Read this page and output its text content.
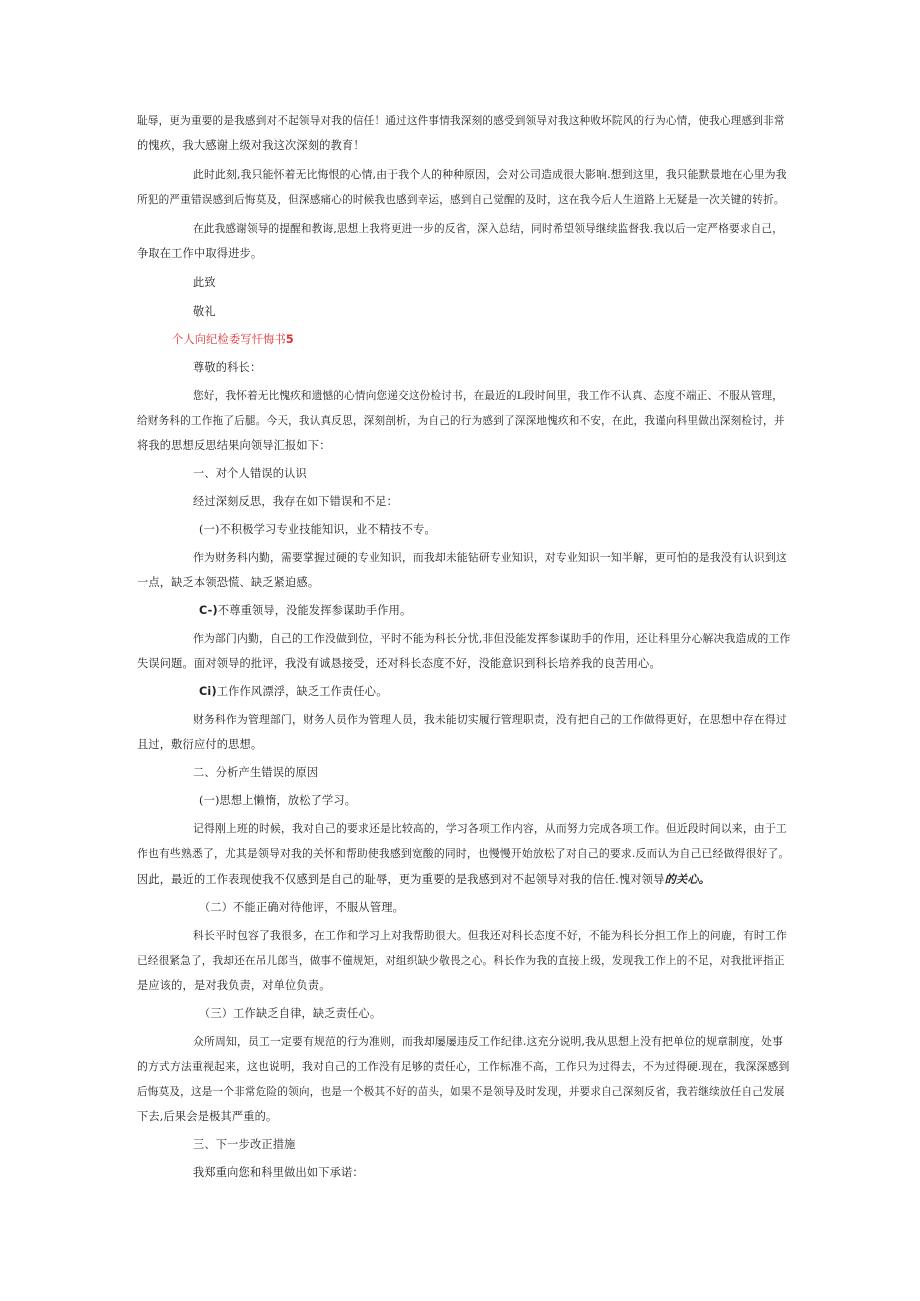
耻辱，更为重要的是我感到对不起领导对我的信任！通过这件事情我深刻的感受到领导对我这种败坏院风的行为心情，使我心理感到非常

的愧疚，我大感谢上级对我这次深刻的教育！

此时此刻,我只能怀着无比悔恨的心情,由于我个人的种种原因，会对公司造成很大影响.想到这里，我只能默景地在心里为我

所犯的严重错误感到后悔莫及，但深感痛心的时候我也感到幸运，感到自己觉醒的及时，这在我今后人生道路上无疑是一次关键的转折。

在此我感谢领导的提醒和教诲,思想上我将更进一步的反省，深入总结，同时希望领导继续监督我.我以后一定严格要求自己，

争取在工作中取得进步。

此致

敬礼

个人向纪检委写忏悔书5

尊敬的科长：

您好，我怀着无比愧疚和遗憾的心情向您递交这份检讨书，在最近的L段时间里，我工作不认真、态度不端正、不服从管理，

给财务科的工作拖了后腿。今天，我认真反思，深刻剖析，为自己的行为感到了深深地愧疚和不安，在此，我谨向科里做出深刻检讨，并

将我的思想反思结果向领导汇报如下：

一、对个人错误的认识

经过深刻反思，我存在如下错误和不足：

(一)不积极学习专业技能知识，业不精技不专。

作为财务科内勤，需要掌握过硬的专业知识，而我却未能钻研专业知识，对专业知识一知半解，更可怕的是我没有认识到这

一点，缺乏本领恐慌、缺乏紧迫感。

C-)不尊重领导，没能发挥参谋助手作用。

作为部门内勤，自己的工作没做到位，平时不能为科长分忧,非但没能发挥参谋助手的作用，还让科里分心解决我造成的工作

失误问题。面对领导的批评，我没有诚恳接受，还对科长态度不好，没能意识到科长培养我的良苦用心。

Ci)工作作风漂浮，缺乏工作责任心。

财务科作为管理部门，财务人员作为管理人员，我未能切实履行管理职责，没有把自己的工作做得更好，在思想中存在得过

且过，敷衍应付的思想。

二、分析产生错误的原因

(一)思想上懒惰，放松了学习。

记得刚上班的时候，我对自己的要求还是比较高的，学习各项工作内容，从而努力完成各项工作。但近段时间以来，由于工

作也有些熟悉了，尤其是领导对我的关怀和帮助使我感到宽酸的同时，也慢慢开始放松了对自己的要求.反而认为自己已经做得很好了。

因此，最近的工作表现使我不仅感到是自己的耻辱，更为重要的是我感到对不起领导对我的信任.愧对领导的关心。

（二）不能正确对待他评，不服从管理。

科长平时包容了我很多，在工作和学习上对我帮助很大。但我还对科长态度不好，不能为科长分担工作上的问鹿，有时工作

已经很紧急了，我却还在吊儿郎当，做事不僮规矩，对组织缺少敬畏之心。科长作为我的直接上级，发现我工作上的不足，对我批评指正

是应该的，是对我负责，对单位负责。

（三）工作缺乏自律，缺乏责任心。

众所周知，员工一定要有规范的行为准则，而我却屡屡违反工作纪律.这充分说明,我从思想上没有把单位的规章制度，处事

的方式方法重视起来，这也说明，我对自己的工作没有足够的责任心，工作标准不高，工作只为过得去，不为过得硬.现在，我深深感到

后悔莫及，这是一个非常危险的领向，也是一个极其不好的苗头，如果不是领导及时发现，并要求自己深刻反省，我若继续放任自己发展

下去,后果会是极其严重的。

三、下一步改正措施

我郑重向您和科里做出如下承诺：
